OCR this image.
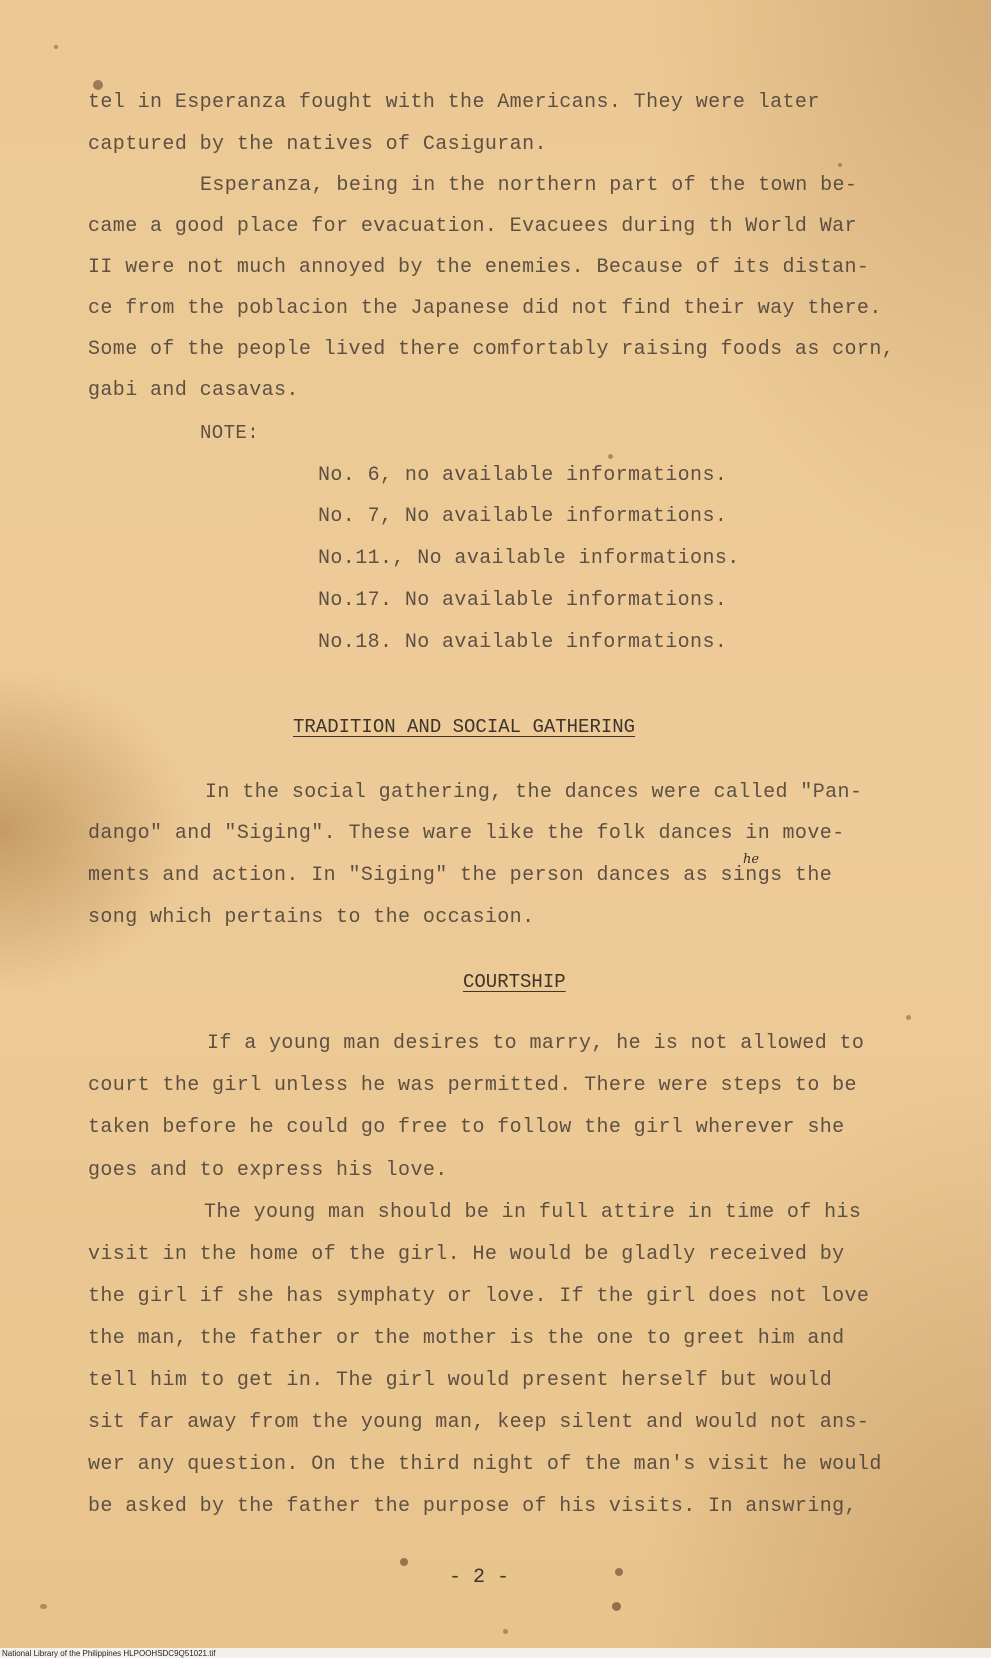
tel in Esperanza fought with the Americans. They were later

captured by the natives of Casiguran.

Esperanza, being in the northern part of the town be-

came a good place for evacuation. Evacuees during th World War

II were not much annoyed by the enemies. Because of its distan-

ce from the poblacion the Japanese did not find their way there.

Some of the people lived there comfortably raising foods as corn,

gabi and casavas.

NOTE:

No. 6, no available informations.

No. 7, No available informations.

No.11., No available informations.

No.17. No available informations.

No.18. No available informations.

TRADITION AND SOCIAL GATHERING

In the social gathering, the dances were called "Pan-

dango" and "Siging". These ware like the folk dances in move-

ments and action. In "Siging" the person dances as sings the

he

song which pertains to the occasion.

COURTSHIP

If a young man desires to marry, he is not allowed to

court the girl unless he was permitted. There were steps to be

taken before he could go free to follow the girl wherever she

goes and to express his love.

The young man should be in full attire in time of his

visit in the home of the girl. He would be gladly received by

the girl if she has symphaty or love. If the girl does not love

the man, the father or the mother is the one to greet him and

tell him to get in. The girl would present herself but would

sit far away from the young man, keep silent and would not ans-

wer any question. On the third night of the man's visit he would

be asked by the father the purpose of his visits. In answring,

- 2 -

National Library of the Philippines HLPOOHSDC9Q51021.tif
